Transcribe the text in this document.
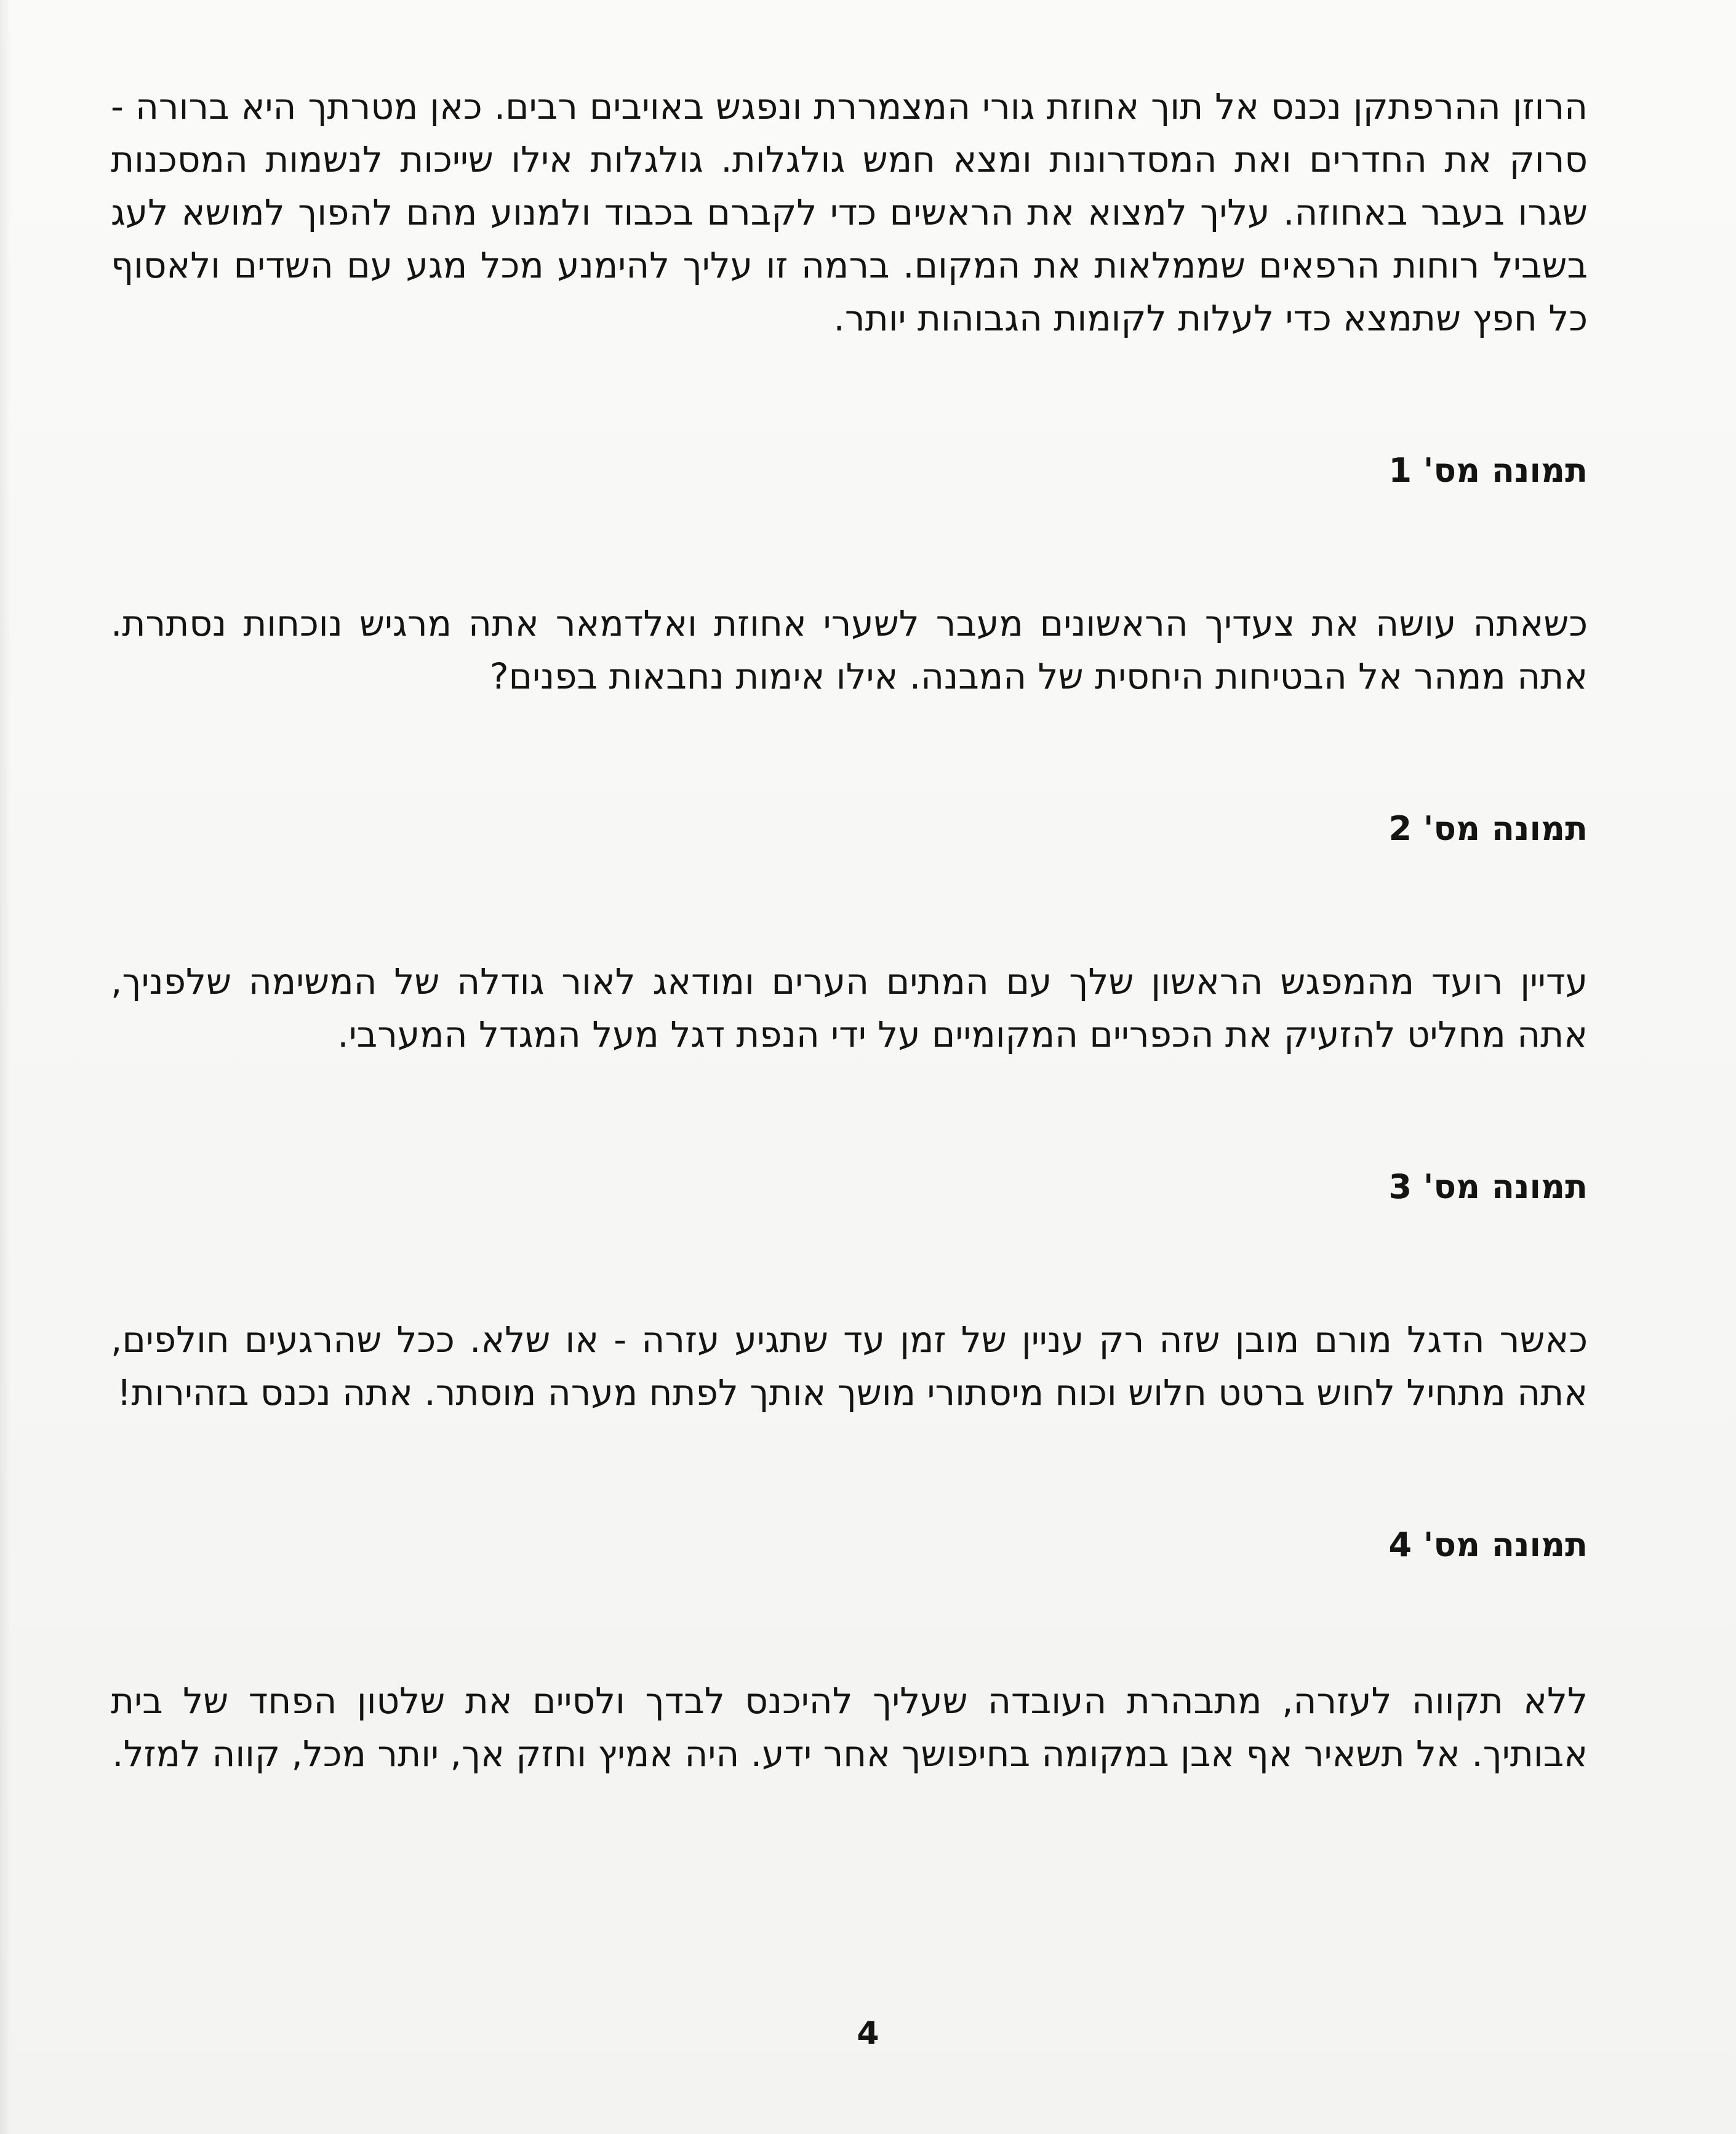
הרוזן ההרפתקן נכנס אל תוך אחוזת גורי המצמררת ונפגש באויבים רבים. כאן מטרתך היא ברורה - סרוק את החדרים ואת המסדרונות ומצא חמש גולגלות. גולגלות אילו שייכות לנשמות המסכנות שגרו בעבר באחוזה. עליך למצוא את הראשים כדי לקברם בכבוד ולמנוע מהם להפוך למושא לעג בשביל רוחות הרפאים שממלאות את המקום. ברמה זו עליך להימנע מכל מגע עם השדים ולאסוף כל חפץ שתמצא כדי לעלות לקומות הגבוהות יותר.

תמונה מס' 1

כשאתה עושה את צעדיך הראשונים מעבר לשערי אחוזת ואלדמאר אתה מרגיש נוכחות נסתרת. אתה ממהר אל הבטיחות היחסית של המבנה. אילו אימות נחבאות בפנים?

תמונה מס' 2

עדיין רועד מהמפגש הראשון שלך עם המתים הערים ומודאג לאור גודלה של המשימה שלפניך, אתה מחליט להזעיק את הכפריים המקומיים על ידי הנפת דגל מעל המגדל המערבי.

תמונה מס' 3

כאשר הדגל מורם מובן שזה רק עניין של זמן עד שתגיע עזרה - או שלא. ככל שהרגעים חולפים, אתה מתחיל לחוש ברטט חלוש וכוח מיסתורי מושך אותך לפתח מערה מוסתר. אתה נכנס בזהירות!

תמונה מס' 4

ללא תקווה לעזרה, מתבהרת העובדה שעליך להיכנס לבדך ולסיים את שלטון הפחד של בית אבותיך. אל תשאיר אף אבן במקומה בחיפושך אחר ידע. היה אמיץ וחזק אך, יותר מכל, קווה למזל.

4
